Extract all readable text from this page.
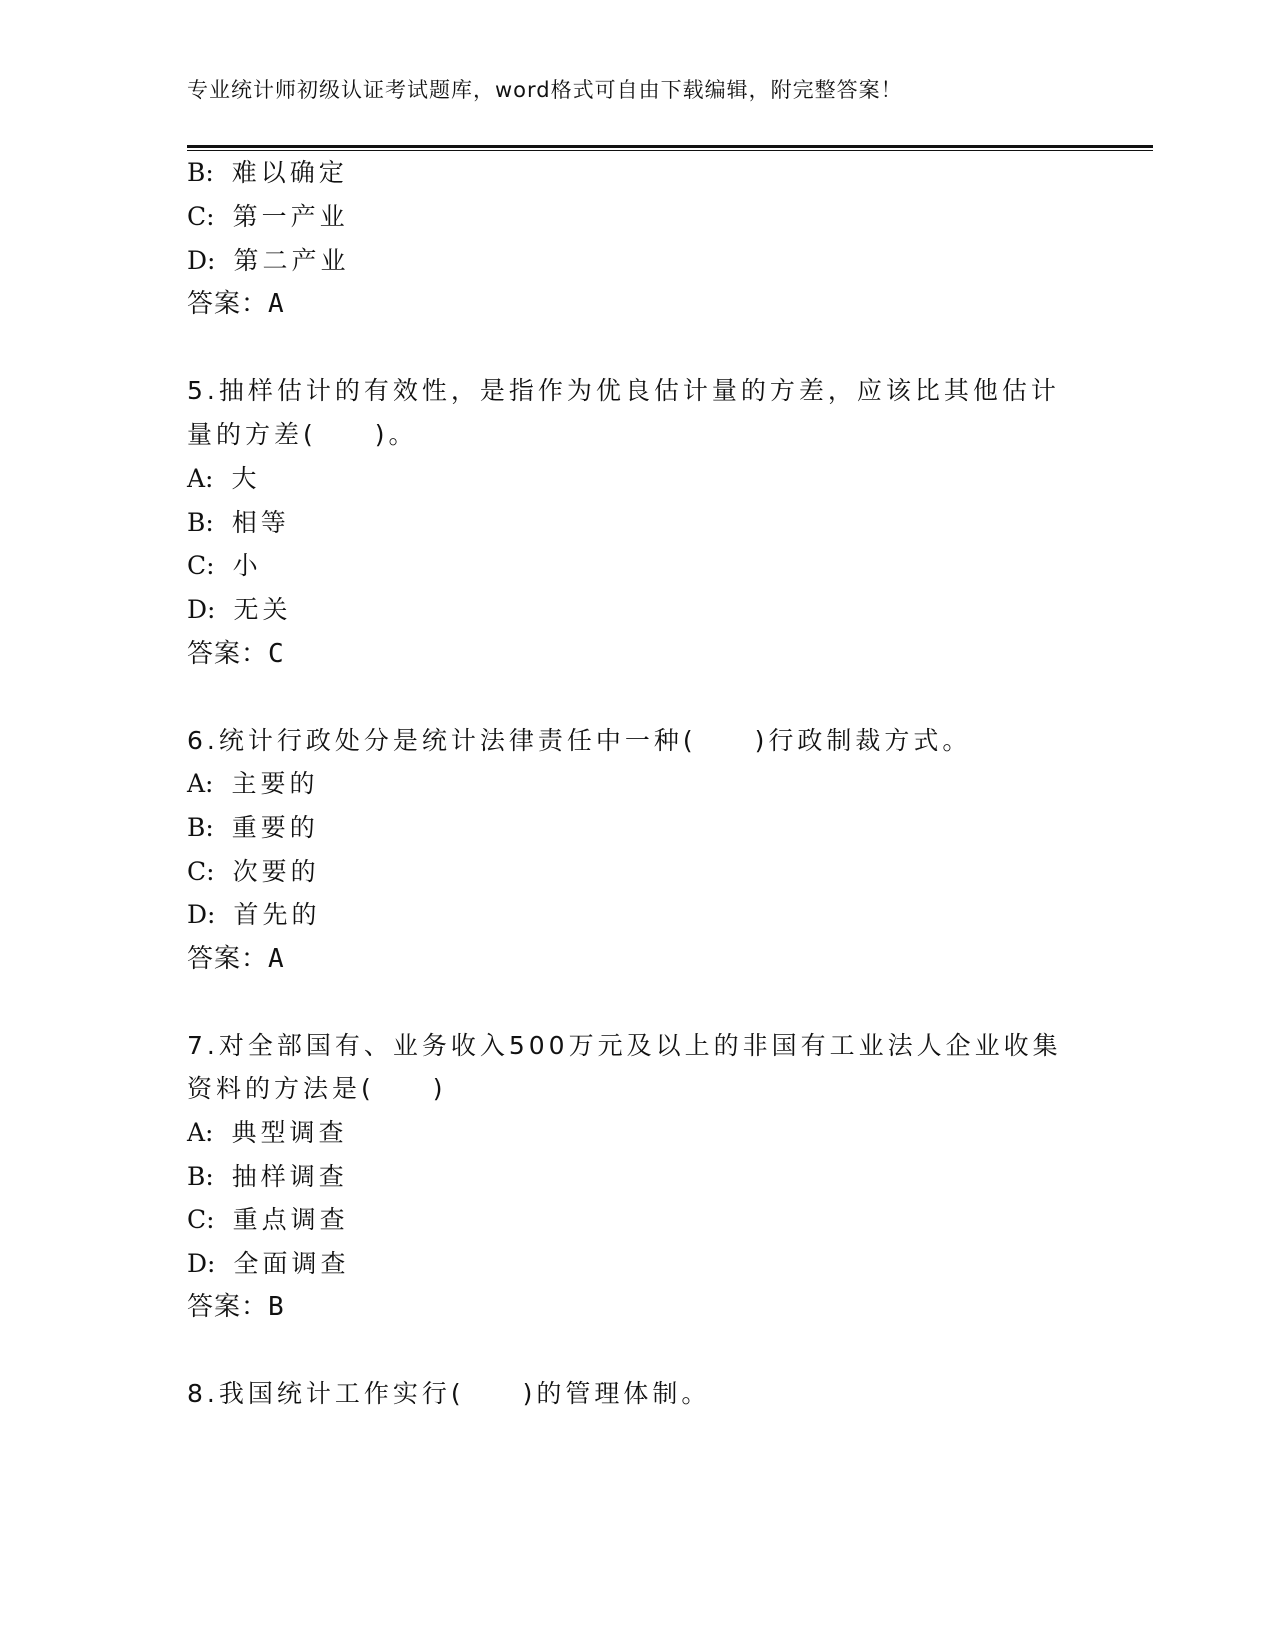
专业统计师初级认证考试题库，word格式可自由下载编辑，附完整答案！
B: 难以确定
C: 第一产业
D: 第二产业
答案：A
5.抽样估计的有效性，是指作为优良估计量的方差，应该比其他估计
量的方差(　　)。
A: 大
B: 相等
C: 小
D: 无关
答案：C
6.统计行政处分是统计法律责任中一种(　　)行政制裁方式。
A: 主要的
B: 重要的
C: 次要的
D: 首先的
答案：A
7.对全部国有、业务收入500万元及以上的非国有工业法人企业收集
资料的方法是(　　)
A: 典型调查
B: 抽样调查
C: 重点调查
D: 全面调查
答案：B
8.我国统计工作实行(　　)的管理体制。
